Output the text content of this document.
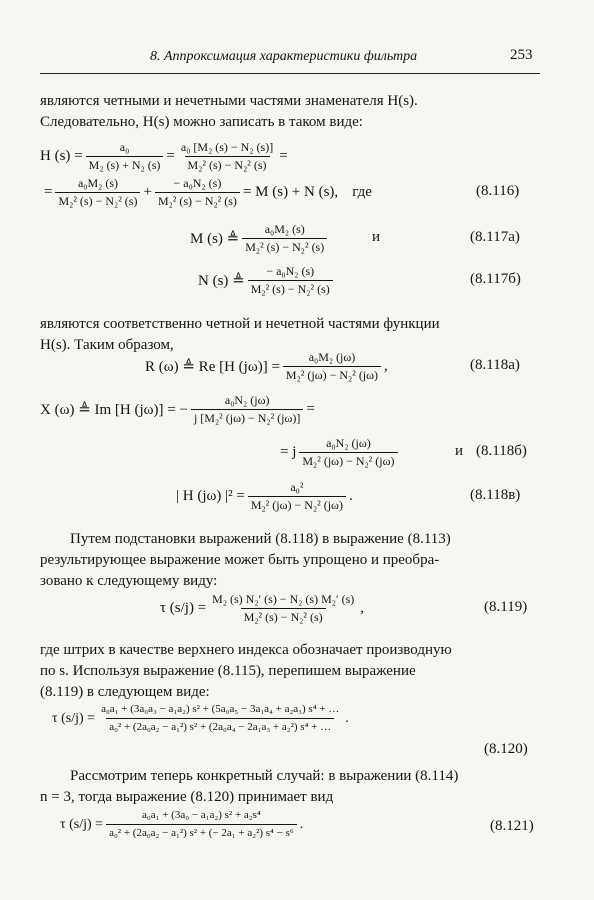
8. Аппроксимация характеристики фильтра	253
являются четными и нечетными частями знаменателя H(s).
Следовательно, H(s) можно записать в таком виде:
H $(s) = \frac{\text{a₀}}{\text{M₂ (s) + N₂ (s)}} = \frac{\text{a₀ [M₂ (s) − N₂ (s)]}}{\text{M₂² (s) − N₂² (s)}}$ =
= $\frac{\text{a₀M₂ (s)}}{\text{M₂² (s) − N₂² (s)}} + \frac{\text{− a₀N₂ (s)}}{\text{M₂² (s) − N₂² (s)}} = M$ (s) + N (s), где	(8.116)
M (s) ≜ $\frac{\text{a₀M₂ (s)}}{\text{M₂² (s) − N₂² (s)}}$	и	(8.117а)
N (s) ≜ $\frac{\text{− a₀N₂ (s)}}{\text{M₂² (s) − N₂² (s)}}$	(8.117б)
являются соответственно четной и нечетной частями функции
H(s). Таким образом,
R (ω) ≜ Re [H $(j\omega)] = \frac{\text{a₀M₂ (jω)}}{\text{M₂² (jω) − N₂² (jω)}}$ ,	(8.118а)
X (ω) ≜ Im [H (jω)] = − $\frac{\text{a₀N₂ (jω)}}{\text{j [M₂² (jω) − N₂² (jω)]}}$ =
= j $\frac{\text{a₀N₂ (jω)}}{\text{M₂² (jω) − N₂² (jω)}}$	и (8.118б)
| H (jω) $|^2 = \frac{\text{a₀²}}{\text{M₂² (jω) − N₂² (jω)}}$ .	(8.118в)
Путем подстановки выражений (8.118) в выражение (8.113)
результирующее выражение может быть упрощено и преобра-
зовано к следующему виду:
τ $(s/j) = \frac{\text{M₂ (s) N₂′ (s) − N₂ (s) M₂′ (s)}}{\text{M₂² (s) − N₂² (s)}}$ ,	(8.119)
где штрих в качестве верхнего индекса обозначает производную
по s. Используя выражение (8.115), перепишем выражение
(8.119) в следующем виде:
τ $(s/j) = \frac{\text{a₀a₁ + (3a₀a₃ − a₁a₂) s² + (5a₀a₅ − 3a₁a₄ + a₂a₃) s⁴ + …}}{\text{a₀² + (2a₀a₂ − a₁²) s² + (2a₀a₄ − 2a₁a₃ + a₂²) s⁴ + …}}$ .
(8.120)
Рассмотрим теперь конкретный случай: в выражении (8.114)
n = 3, тогда выражение (8.120) принимает вид
τ $(s/j) = \frac{\text{a₀a₁ + (3a₀ − a₁a₂) s² + a₂s⁴}}{\text{a₀² + (2a₀a₂ − a₁²) s² + (− 2a₁ + a₂²) s⁴ − s⁶}}$ .	(8.121)
